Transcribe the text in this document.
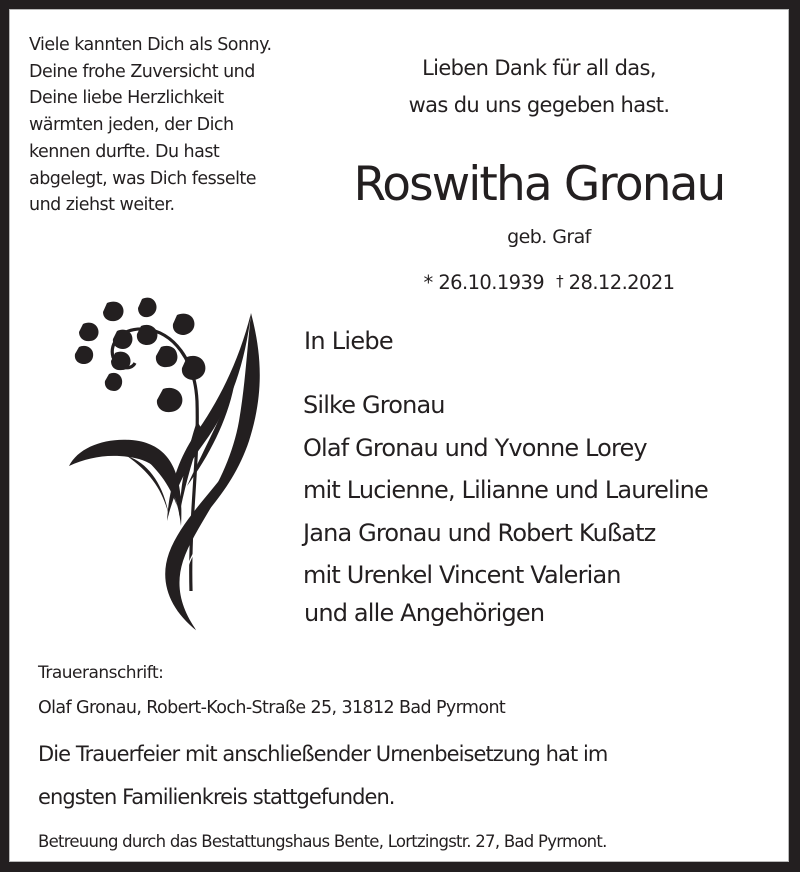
Viele kannten Dich als Sonny.
Deine frohe Zuversicht und
Deine liebe Herzlichkeit
wärmten jeden, der Dich
kennen durfte. Du hast
abgelegt, was Dich fesselte
und ziehst weiter.
Lieben Dank für all das,
was du uns gegeben hast.
Roswitha Gronau
geb. Graf
* 26.10.1939 † 28.12.2021
In Liebe
Silke Gronau
Olaf Gronau und Yvonne Lorey
mit Lucienne, Lilianne und Laureline
Jana Gronau und Robert Kußatz
mit Urenkel Vincent Valerian
und alle Angehörigen
Traueranschrift:
Olaf Gronau, Robert-Koch-Straße 25, 31812 Bad Pyrmont
Die Trauerfeier mit anschließender Urnenbeisetzung hat im
engsten Familienkreis stattgefunden.
Betreuung durch das Bestattungshaus Bente, Lortzingstr. 27, Bad Pyrmont.
